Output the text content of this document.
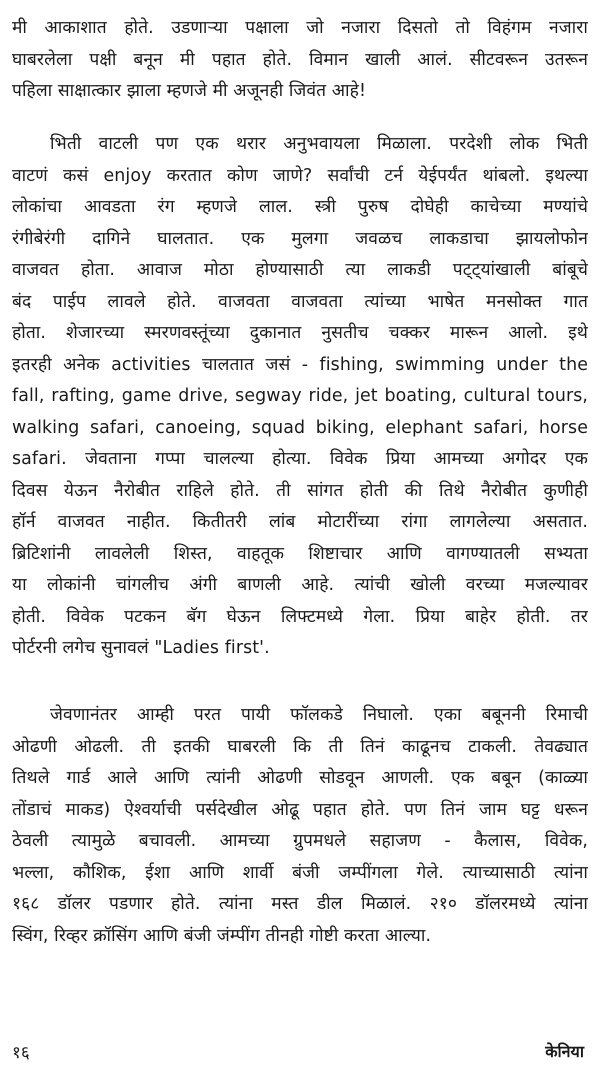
मी आकाशात होते. उडणाऱ्या पक्षाला जो नजारा दिसतो तो विहंगम नजारा
घाबरलेला पक्षी बनून मी पहात होते. विमान खाली आलं. सीटवरून उतरून
पहिला साक्षात्कार झाला म्हणजे मी अजूनही जिवंत आहे!
भिती वाटली पण एक थरार अनुभवायला मिळाला. परदेशी लोक भिती
वाटणं कसं enjoy करतात कोण जाणे? सर्वांची टर्न येईपर्यंत थांबलो. इथल्या
लोकांचा आवडता रंग म्हणजे लाल. स्त्री पुरुष दोघेही काचेच्या मण्यांचे
रंगीबेरंगी दागिने घालतात. एक मुलगा जवळच लाकडाचा झायलोफोन
वाजवत होता. आवाज मोठा होण्यासाठी त्या लाकडी पट्ट्यांखाली बांबूचे
बंद पाईप लावले होते. वाजवता वाजवता त्यांच्या भाषेत मनसोक्त गात
होता. शेजारच्या स्मरणवस्तूंच्या दुकानात नुसतीच चक्कर मारून आलो. इथे
इतरही अनेक activities चालतात जसं - fishing, swimming under the
fall, rafting, game drive, segway ride, jet boating, cultural tours,
walking safari, canoeing, squad biking, elephant safari, horse
safari. जेवताना गप्पा चालल्या होत्या. विवेक प्रिया आमच्या अगोदर एक
दिवस येऊन नैरोबीत राहिले होते. ती सांगत होती की तिथे नैरोबीत कुणीही
हॉर्न वाजवत नाहीत. कितीतरी लांब मोटारींच्या रांगा लागलेल्या असतात.
ब्रिटिशांनी लावलेली शिस्त, वाहतूक शिष्टाचार आणि वागण्यातली सभ्यता
या लोकांनी चांगलीच अंगी बाणली आहे. त्यांची खोली वरच्या मजल्यावर
होती. विवेक पटकन बॅग घेऊन लिफ्टमध्ये गेला. प्रिया बाहेर होती. तर
पोर्टरनी लगेच सुनावलं "Ladies first'.
जेवणानंतर आम्ही परत पायी फॉलकडे निघालो. एका बबूननी रिमाची
ओढणी ओढली. ती इतकी घाबरली कि ती तिनं काढूनच टाकली. तेवढ्यात
तिथले गार्ड आले आणि त्यांनी ओढणी सोडवून आणली. एक बबून (काळ्या
तोंडाचं माकड) ऐश्वर्याची पर्सदेखील ओढू पहात होते. पण तिनं जाम घट्ट धरून
ठेवली त्यामुळे बचावली. आमच्या ग्रुपमधले सहाजण - कैलास, विवेक,
भल्ला, कौशिक, ईशा आणि शार्वी बंजी जम्पींगला गेले. त्याच्यासाठी त्यांना
१६८ डॉलर पडणार होते. त्यांना मस्त डील मिळालं. २१० डॉलरमध्ये त्यांना
स्विंग, रिव्हर क्रॉसिंग आणि बंजी जंम्पींग तीनही गोष्टी करता आल्या.
१६	केनिया
